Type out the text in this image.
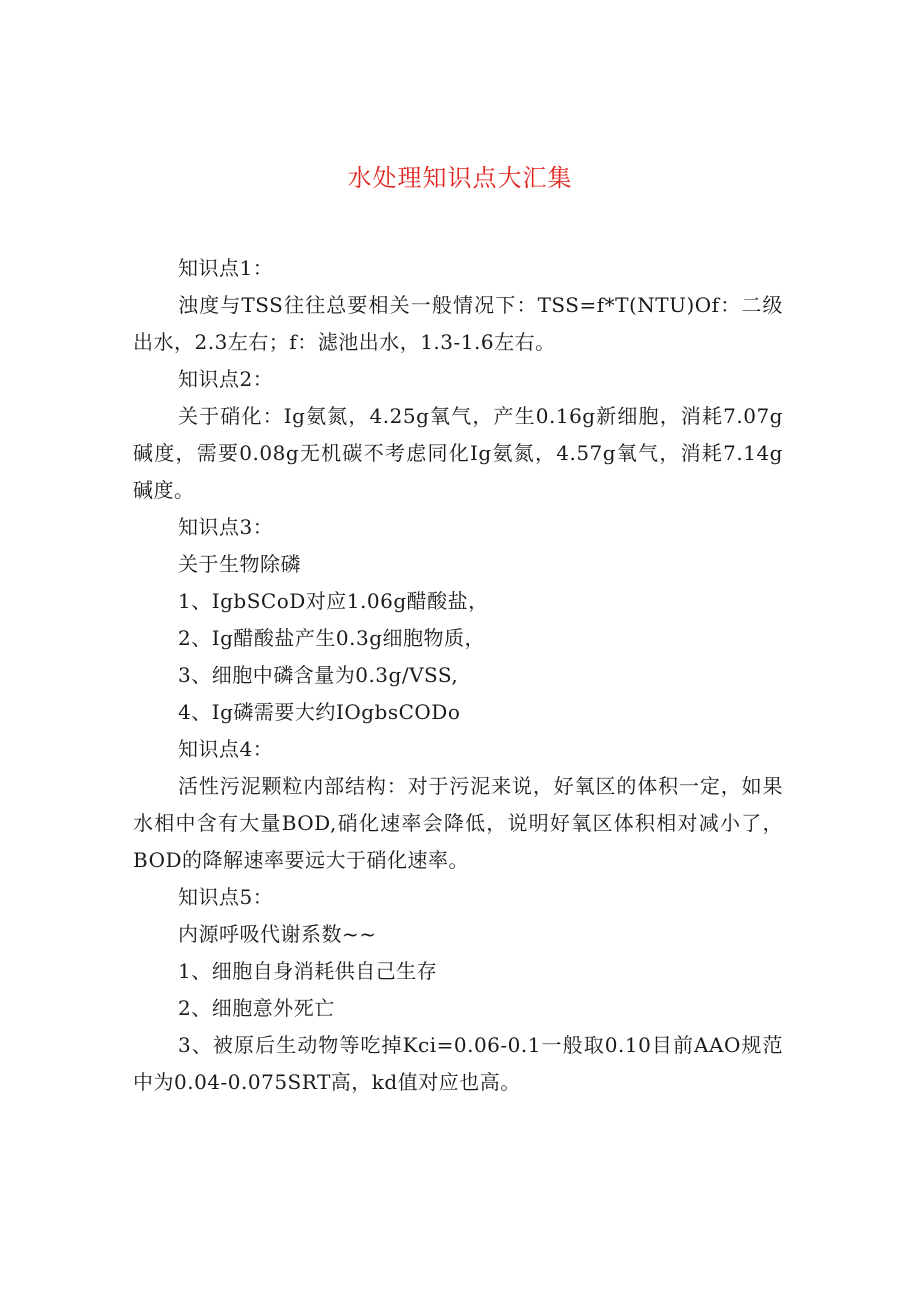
水处理知识点大汇集

知识点1：

浊度与TSS往往总要相关一般情况下：TSS=f*T(NTU)Of：二级出水，2.3左右；f：滤池出水，1.3-1.6左右。

知识点2：

关于硝化：Ig氨氮，4.25g氧气，产生0.16g新细胞，消耗7.07g碱度，需要0.08g无机碳不考虑同化Ig氨氮，4.57g氧气，消耗7.14g碱度。

知识点3：

关于生物除磷

1、IgbSCoD对应1.06g醋酸盐，

2、Ig醋酸盐产生0.3g细胞物质，

3、细胞中磷含量为0.3g/VSS,

4、Ig磷需要大约IOgbsCODo

知识点4：

活性污泥颗粒内部结构：对于污泥来说，好氧区的体积一定，如果水相中含有大量BOD,硝化速率会降低，说明好氧区体积相对减小了，BOD的降解速率要远大于硝化速率。

知识点5：

内源呼吸代谢系数~~

1、细胞自身消耗供自己生存

2、细胞意外死亡

3、被原后生动物等吃掉Kci=0.06-0.1一般取0.10目前AAO规范中为0.04-0.075SRT高，kd值对应也高。
